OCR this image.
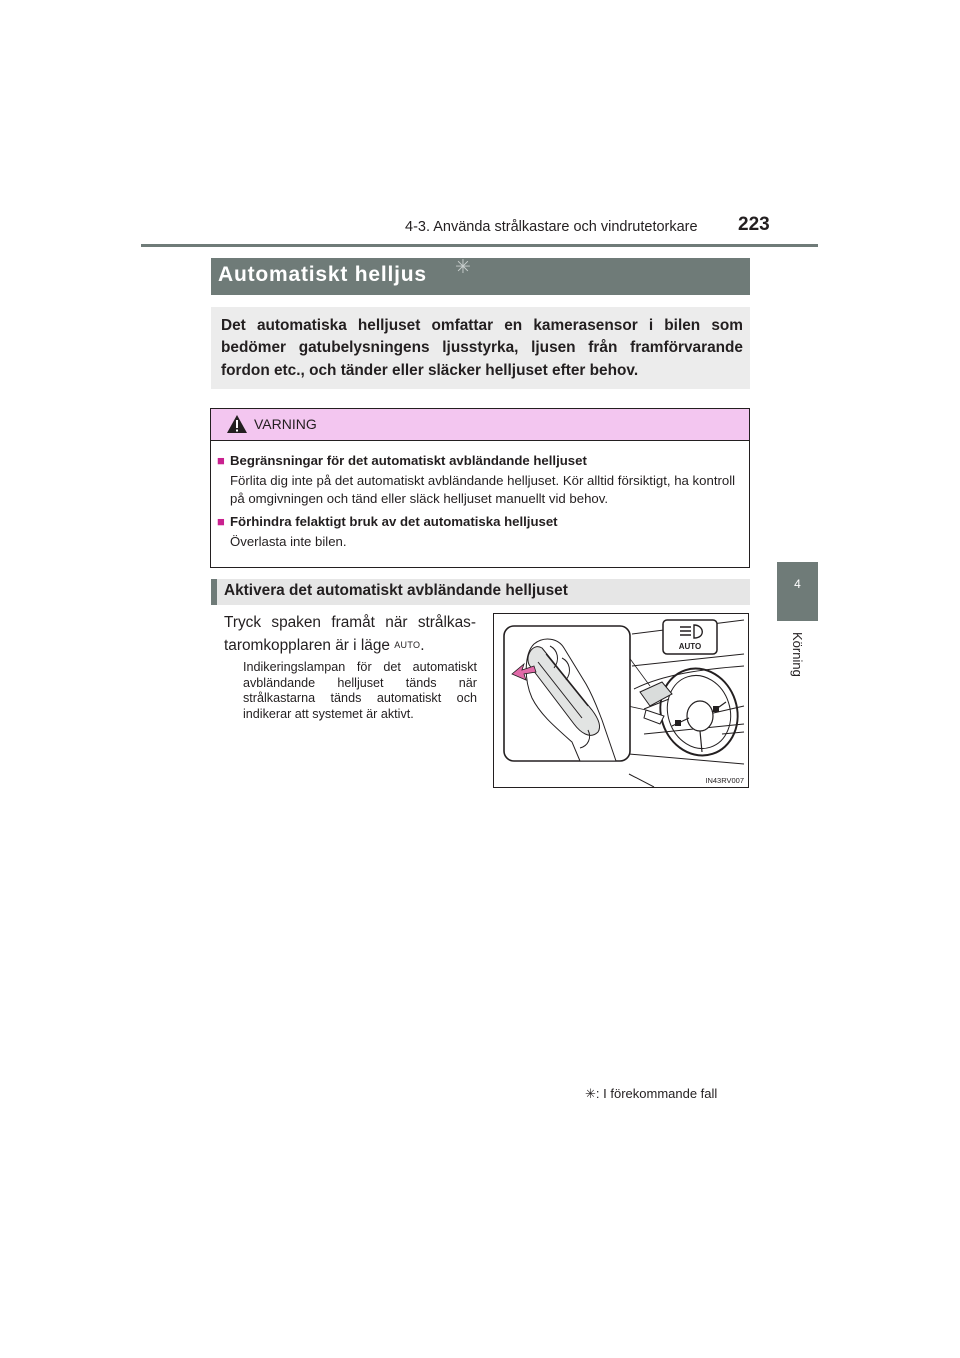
4-3. Använda strålkastare och vindrutetorkare 223
4
Körning
Automatiskt helljus ✳
Det automatiska helljuset omfattar en kamerasensor i bilen som bedömer gatubelysningens ljusstyrka, ljusen från framförvarande fordon etc., och tänder eller släcker helljuset efter behov.
VARNING
■ Begränsningar för det automatiskt avbländande helljuset
Förlita dig inte på det automatiskt avbländande helljuset. Kör alltid försiktigt, ha kontroll på omgivningen och tänd eller släck helljuset manuellt vid behov.
■ Förhindra felaktigt bruk av det automatiska helljuset
Överlasta inte bilen.
Aktivera det automatiskt avbländande helljuset
Tryck spaken framåt när strålkas-
taromkopplaren är i läge AUTO.
Indikeringslampan för det automatiskt avbländande helljuset tänds när strålkastarna tänds automatiskt och indikerar att systemet är aktivt.
AUTO
IN43RV007
✳: I förekommande fall
